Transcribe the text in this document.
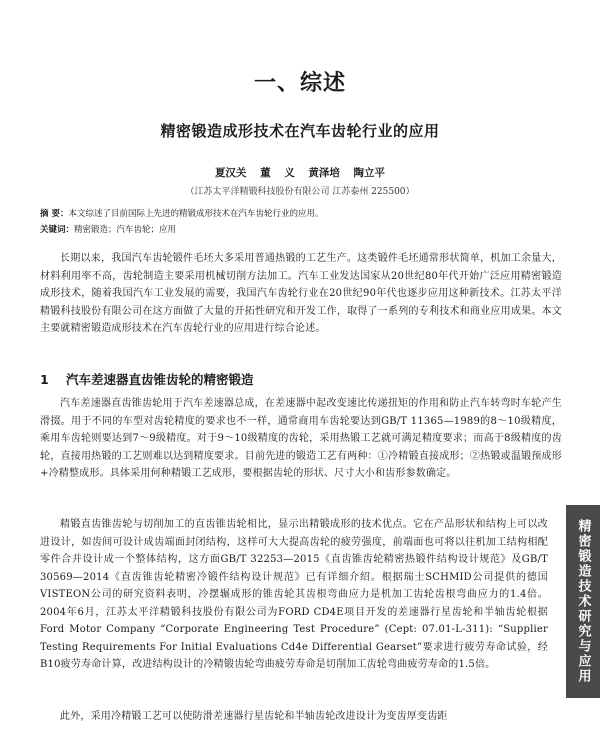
一、综述
精密锻造成形技术在汽车齿轮行业的应用
夏汉关 董 义 黄泽培 陶立平
（江苏太平洋精锻科技股份有限公司 江苏泰州 225500）
摘 要：本文综述了目前国际上先进的精锻成形技术在汽车齿轮行业的应用。
关键词：精密锻造；汽车齿轮；应用

长期以来，我国汽车齿轮锻件毛坯大多采用普通热锻的工艺生产。这类锻件毛坯通常形状简单，机加工余量大，材料利用率不高，齿轮制造主要采用机械切削方法加工。汽车工业发达国家从20世纪80年代开始广泛应用精密锻造成形技术，随着我国汽车工业发展的需要，我国汽车齿轮行业在20世纪90年代也逐步应用这种新技术。江苏太平洋精锻科技股份有限公司在这方面做了大量的开拓性研究和开发工作，取得了一系列的专利技术和商业应用成果。本文主要就精密锻造成形技术在汽车齿轮行业的应用进行综合论述。

1 汽车差速器直齿锥齿轮的精密锻造

汽车差速器直齿锥齿轮用于汽车差速器总成，在差速器中起改变速比传递扭矩的作用和防止汽车转弯时车轮产生滑掇。用于不同的车型对齿轮精度的要求也不一样，通常商用车齿轮要达到GB/T 11365—1989的8～10级精度，乘用车齿轮则要达到7～9级精度。对于9～10级精度的齿轮，采用热锻工艺就可满足精度要求；而高于8级精度的齿轮，直接用热锻的工艺则难以达到精度要求。目前先进的锻造工艺有两种：①冷精锻直接成形；②热锻或温锻预成形+冷精整成形。具体采用何种精锻工艺成形，要根据齿轮的形状、尺寸大小和齿形参数确定。

精锻直齿锥齿轮与切削加工的直齿锥齿轮相比，显示出精锻成形的技术优点。它在产品形状和结构上可以改进设计，如齿间可设计成齿端面封闭结构，这样可大大提高齿轮的疲劳强度，前端面也可将以往机加工结构相配零件合并设计成一个整体结构，这方面GB/T 32253—2015《直齿锥齿轮精密热锻件结构设计规范》及GB/T 30569—2014《直齿锥齿轮精密冷锻件结构设计规范》已有详细介绍。根据瑞士SCHMID公司提供的德国VISTEON公司的研究资料表明，冷摆辗成形的锥齿轮其齿根弯曲应力是机加工齿轮齿根弯曲应力的1.4倍。2004年6月，江苏太平洋精锻科技股份有限公司为FORD CD4E项目开发的差速器行星齿轮和半轴齿轮根据Ford Motor Company “Corporate Engineering Test Procedure” (Cept: 07.01-L-311): “Supplier Testing Requirements For Initial Evaluations Cd4e Differential Gearset”要求进行疲劳寿命试验，经B10疲劳寿命计算，改进结构设计的冷精锻齿轮弯曲疲劳寿命是切削加工齿轮弯曲疲劳寿命的1.5倍。

此外，采用冷精锻工艺可以使防滑差速器行星齿轮和半轴齿轮改进设计为变齿厚变齿距

精密锻造技术研究与应用
